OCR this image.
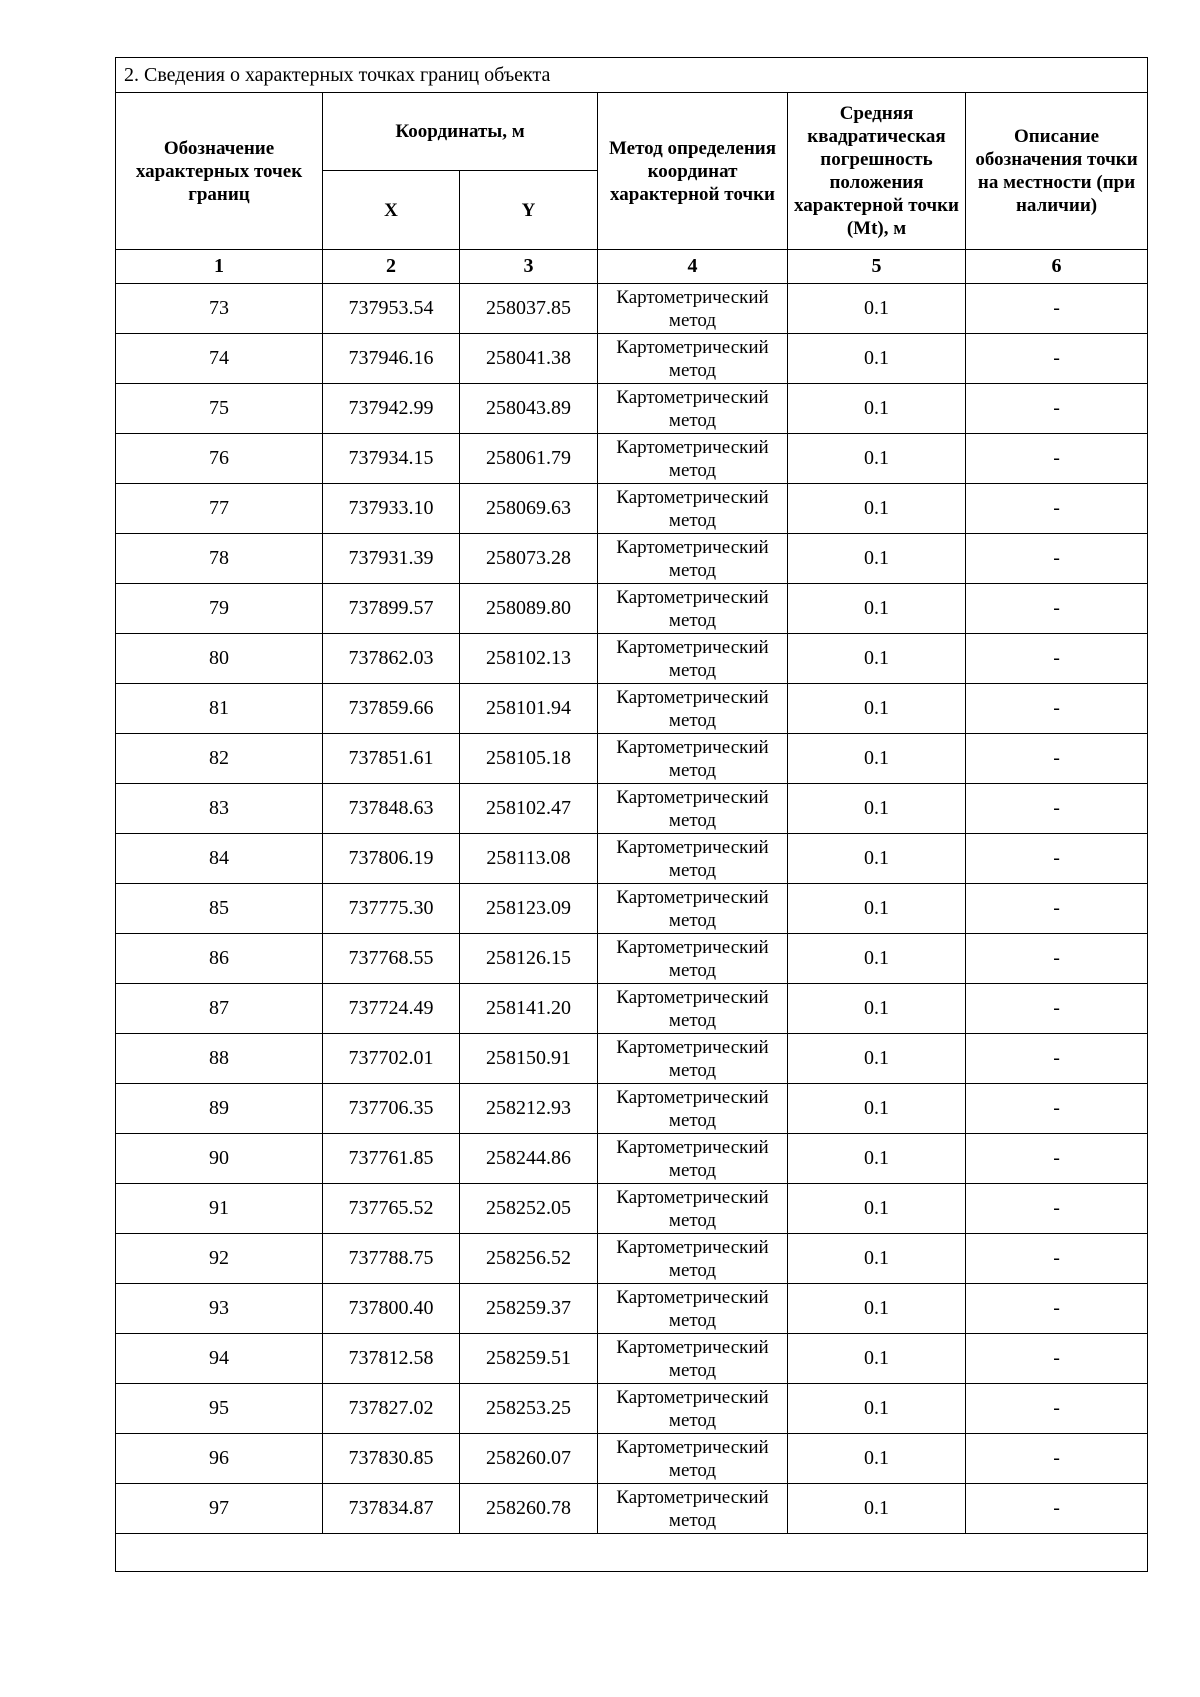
2. Сведения о характерных точках границ объекта					
Обозначение характерных точек границ	Координаты, м		Метод определения координат характерной точки	Средняя квадратическая погрешность положения характерной точки (Mt), м	Описание обозначения точки на местности (при наличии)
	X	Y			
1	2	3	4	5	6
73	737953.54	258037.85	Картометрический метод	0.1	-
74	737946.16	258041.38	Картометрический метод	0.1	-
75	737942.99	258043.89	Картометрический метод	0.1	-
76	737934.15	258061.79	Картометрический метод	0.1	-
77	737933.10	258069.63	Картометрический метод	0.1	-
78	737931.39	258073.28	Картометрический метод	0.1	-
79	737899.57	258089.80	Картометрический метод	0.1	-
80	737862.03	258102.13	Картометрический метод	0.1	-
81	737859.66	258101.94	Картометрический метод	0.1	-
82	737851.61	258105.18	Картометрический метод	0.1	-
83	737848.63	258102.47	Картометрический метод	0.1	-
84	737806.19	258113.08	Картометрический метод	0.1	-
85	737775.30	258123.09	Картометрический метод	0.1	-
86	737768.55	258126.15	Картометрический метод	0.1	-
87	737724.49	258141.20	Картометрический метод	0.1	-
88	737702.01	258150.91	Картометрический метод	0.1	-
89	737706.35	258212.93	Картометрический метод	0.1	-
90	737761.85	258244.86	Картометрический метод	0.1	-
91	737765.52	258252.05	Картометрический метод	0.1	-
92	737788.75	258256.52	Картометрический метод	0.1	-
93	737800.40	258259.37	Картометрический метод	0.1	-
94	737812.58	258259.51	Картометрический метод	0.1	-
95	737827.02	258253.25	Картометрический метод	0.1	-
96	737830.85	258260.07	Картометрический метод	0.1	-
97	737834.87	258260.78	Картометрический метод	0.1	-
